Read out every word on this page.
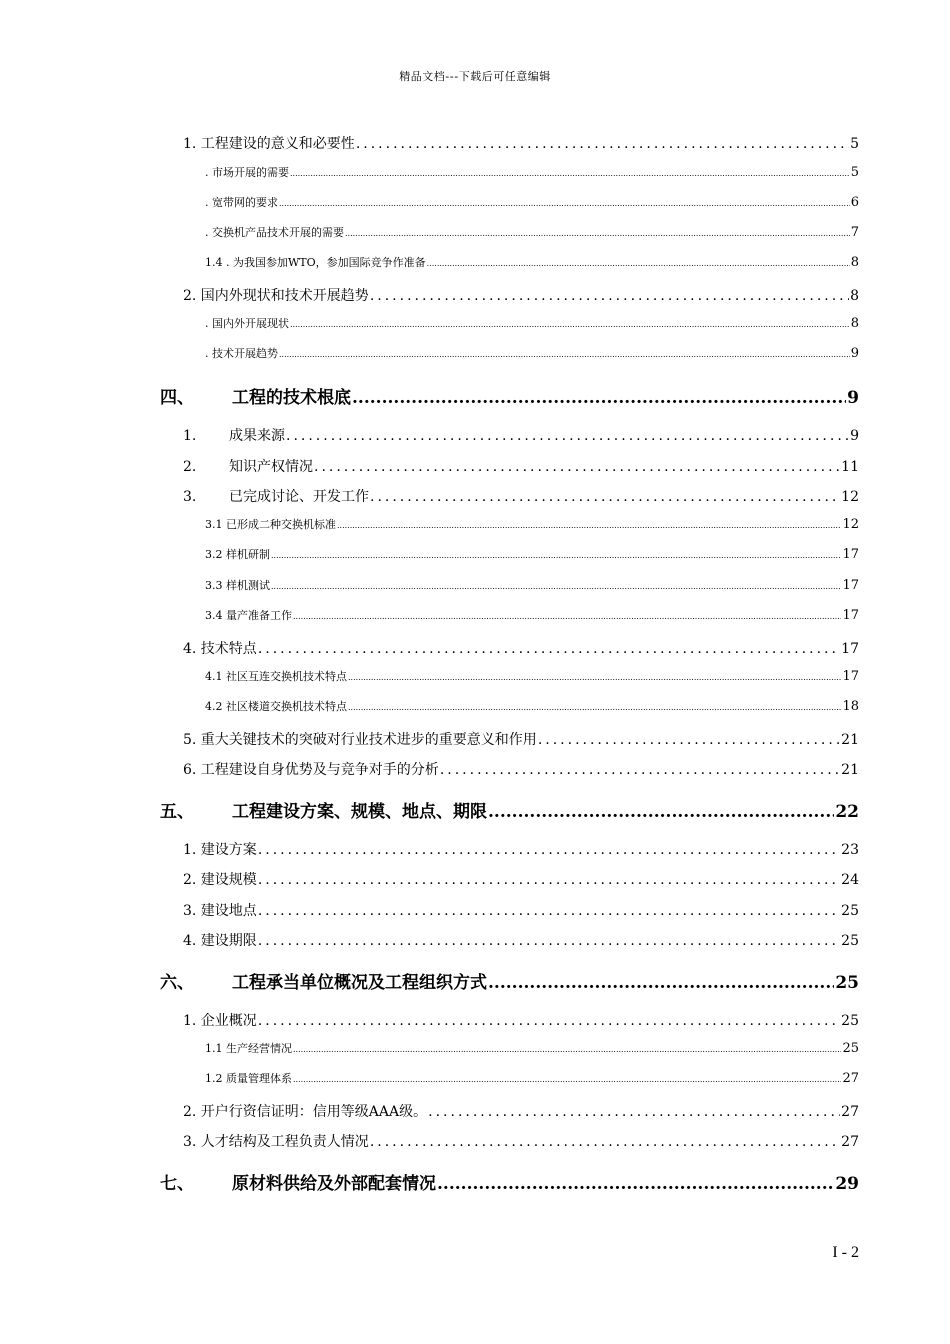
精品文档---下载后可任意编辑
1. 工程建设的意义和必要性 .....	5
. 市场开展的需要 .....	5
. 宽带网的要求 .....	6
. 交换机产品技术开展的需要 .....	7
1.4 . 为我国参加WTO，参加国际竞争作准备 .....	8
2. 国内外现状和技术开展趋势 .....	8
. 国内外开展现状 .....	8
. 技术开展趋势 .....	9
四、 工程的技术根底 .....	9
1. 成果来源 .....	9
2. 知识产权情况 .....	11
3. 已完成讨论、开发工作 .....	12
3.1 已形成二种交换机标准 .....	12
3.2 样机研制 .....	17
3.3 样机测试 .....	17
3.4 量产准备工作 .....	17
4. 技术特点 .....	17
4.1 社区互连交换机技术特点 .....	17
4.2 社区楼道交换机技术特点 .....	18
5. 重大关键技术的突破对行业技术进步的重要意义和作用 .....	21
6. 工程建设自身优势及与竞争对手的分析 .....	21
五、 工程建设方案、规模、地点、期限 .....	22
1. 建设方案 .....	23
2. 建设规模 .....	24
3. 建设地点 .....	25
4. 建设期限 .....	25
六、 工程承当单位概况及工程组织方式 .....	25
1. 企业概况 .....	25
1.1 生产经营情况 .....	25
1.2 质量管理体系 .....	27
2. 开户行资信证明：信用等级AAA级。 .....	27
3. 人才结构及工程负责人情况 .....	27
七、 原材料供给及外部配套情况 .....	29
I - 2
